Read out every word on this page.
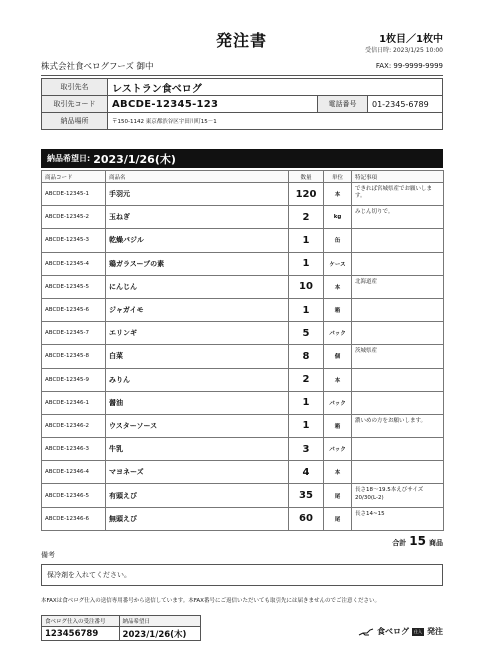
発注書	1枚目／1枚中
受信日時: 2023/1/25 10:00
株式会社食べログフーズ 御中	FAX: 99-9999-9999
取引先名	レストラン食べログ		
取引先コード	ABCDE-12345-123	電話番号	01-2345-6789
納品場所	〒150-1142 東京都渋谷区宇田川町15－1		
納品希望日: 2023/1/26(木)
商品コード	商品名	数量	単位	特記事項
ABCDE-12345-1	手羽元	120	本	できれば宮城県産でお願いします。
ABCDE-12345-2	玉ねぎ	2	kg	みじん切りで。
ABCDE-12345-3	乾燥バジル	1	缶	
ABCDE-12345-4	鶏ガラスープの素	1	ケース	
ABCDE-12345-5	にんじん	10	本	北海道産
ABCDE-12345-6	ジャガイモ	1	箱	
ABCDE-12345-7	エリンギ	5	パック	
ABCDE-12345-8	白菜	8	個	茨城県産
ABCDE-12345-9	みりん	2	本	
ABCDE-12346-1	醤油	1	パック	
ABCDE-12346-2	ウスターソース	1	箱	濃いめの方をお願いします。
ABCDE-12346-3	牛乳	3	パック	
ABCDE-12346-4	マヨネーズ	4	本	
ABCDE-12346-5	有頭えび	35	尾	長さ18～19.5本えびサイズ20/30(L-2)
ABCDE-12346-6	無頭えび	60	尾	長さ14~15
合計 15 商品
備考
保冷剤を入れてください。
本FAXは食べログ仕入の送信専用番号から送信しています。本FAX番号にご返信いただいても取引先には届きませんのでご注意ください。
食べログ仕入の受注番号	納品希望日
123456789	2023/1/26(木)	食べログ	仕入 発注
